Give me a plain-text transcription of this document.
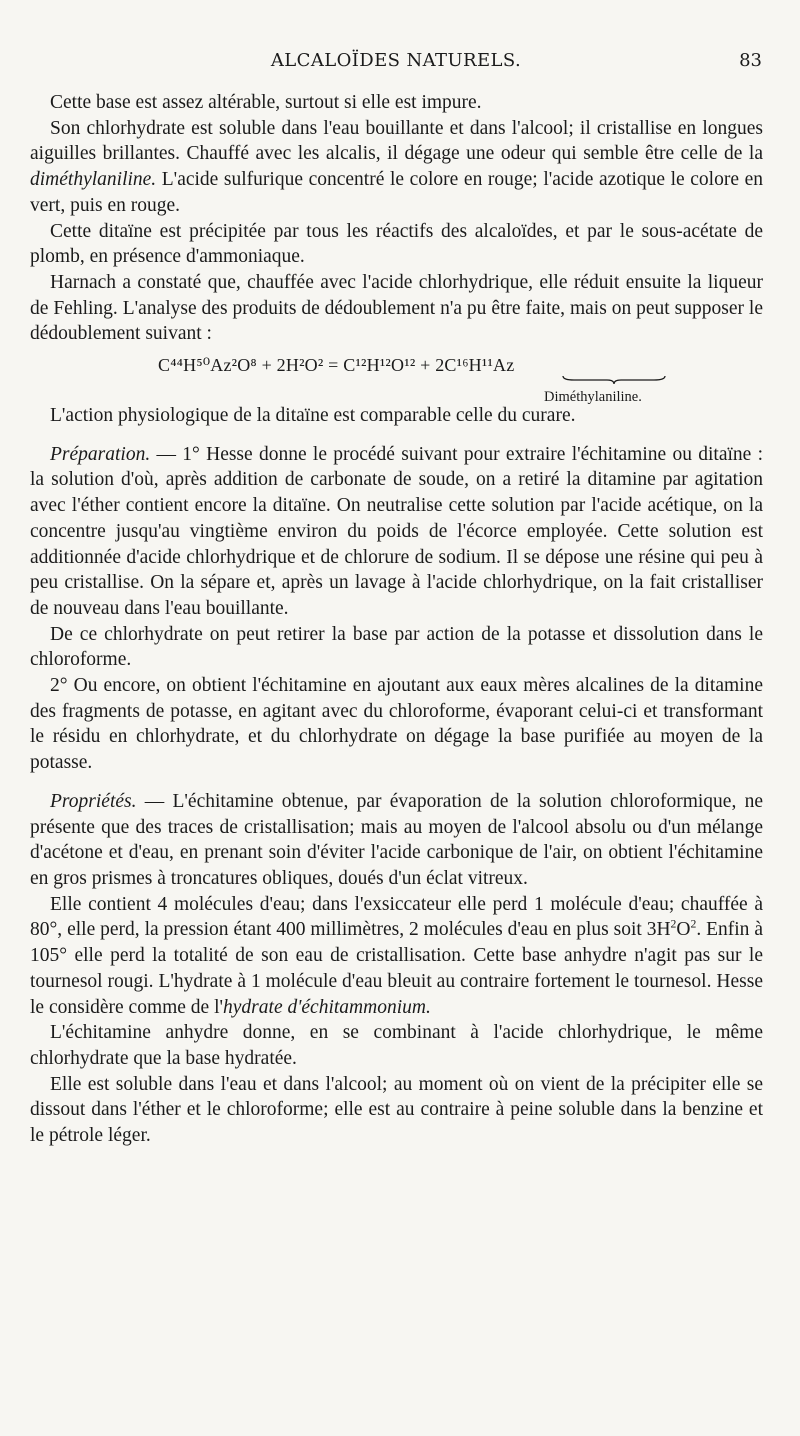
ALCALOÏDES NATURELS.	83

Cette base est assez altérable, surtout si elle est impure.

Son chlorhydrate est soluble dans l'eau bouillante et dans l'alcool; il cristallise en longues aiguilles brillantes. Chauffé avec les alcalis, il dégage une odeur qui semble être celle de la diméthylaniline. L'acide sulfurique concentré le colore en rouge; l'acide azotique le colore en vert, puis en rouge.

Cette ditaïne est précipitée par tous les réactifs des alcaloïdes, et par le sous-acétate de plomb, en présence d'ammoniaque.

Harnach a constaté que, chauffée avec l'acide chlorhydrique, elle réduit ensuite la liqueur de Fehling. L'analyse des produits de dédoublement n'a pu être faite, mais on peut supposer le dédoublement suivant :

C⁴⁴H⁵⁰Az²O⁸ + 2H²O² = C¹²H¹²O¹² + 2C¹⁶H¹¹Az
Diméthylaniline.

L'action physiologique de la ditaïne est comparable celle du curare.

Préparation. — 1° Hesse donne le procédé suivant pour extraire l'échitamine ou ditaïne : la solution d'où, après addition de carbonate de soude, on a retiré la ditamine par agitation avec l'éther contient encore la ditaïne. On neutralise cette solution par l'acide acétique, on la concentre jusqu'au vingtième environ du poids de l'écorce employée. Cette solution est additionnée d'acide chlorhydrique et de chlorure de sodium. Il se dépose une résine qui peu à peu cristallise. On la sépare et, après un lavage à l'acide chlorhydrique, on la fait cristalliser de nouveau dans l'eau bouillante.

De ce chlorhydrate on peut retirer la base par action de la potasse et dissolution dans le chloroforme.

2° Ou encore, on obtient l'échitamine en ajoutant aux eaux mères alcalines de la ditamine des fragments de potasse, en agitant avec du chloroforme, évaporant celui-ci et transformant le résidu en chlorhydrate, et du chlorhydrate on dégage la base purifiée au moyen de la potasse.

Propriétés. — L'échitamine obtenue, par évaporation de la solution chloroformique, ne présente que des traces de cristallisation; mais au moyen de l'alcool absolu ou d'un mélange d'acétone et d'eau, en prenant soin d'éviter l'acide carbonique de l'air, on obtient l'échitamine en gros prismes à troncatures obliques, doués d'un éclat vitreux.

Elle contient 4 molécules d'eau; dans l'exsiccateur elle perd 1 molécule d'eau; chauffée à 80°, elle perd, la pression étant 400 millimètres, 2 molécules d'eau en plus soit $3H^2O^2$. Enfin à 105° elle perd la totalité de son eau de cristallisation. Cette base anhydre n'agit pas sur le tournesol rougi. L'hydrate à 1 molécule d'eau bleuit au contraire fortement le tournesol. Hesse le considère comme de l'hydrate d'échitammonium.

L'échitamine anhydre donne, en se combinant à l'acide chlorhydrique, le même chlorhydrate que la base hydratée.

Elle est soluble dans l'eau et dans l'alcool; au moment où on vient de la précipiter elle se dissout dans l'éther et le chloroforme; elle est au contraire à peine soluble dans la benzine et le pétrole léger.
